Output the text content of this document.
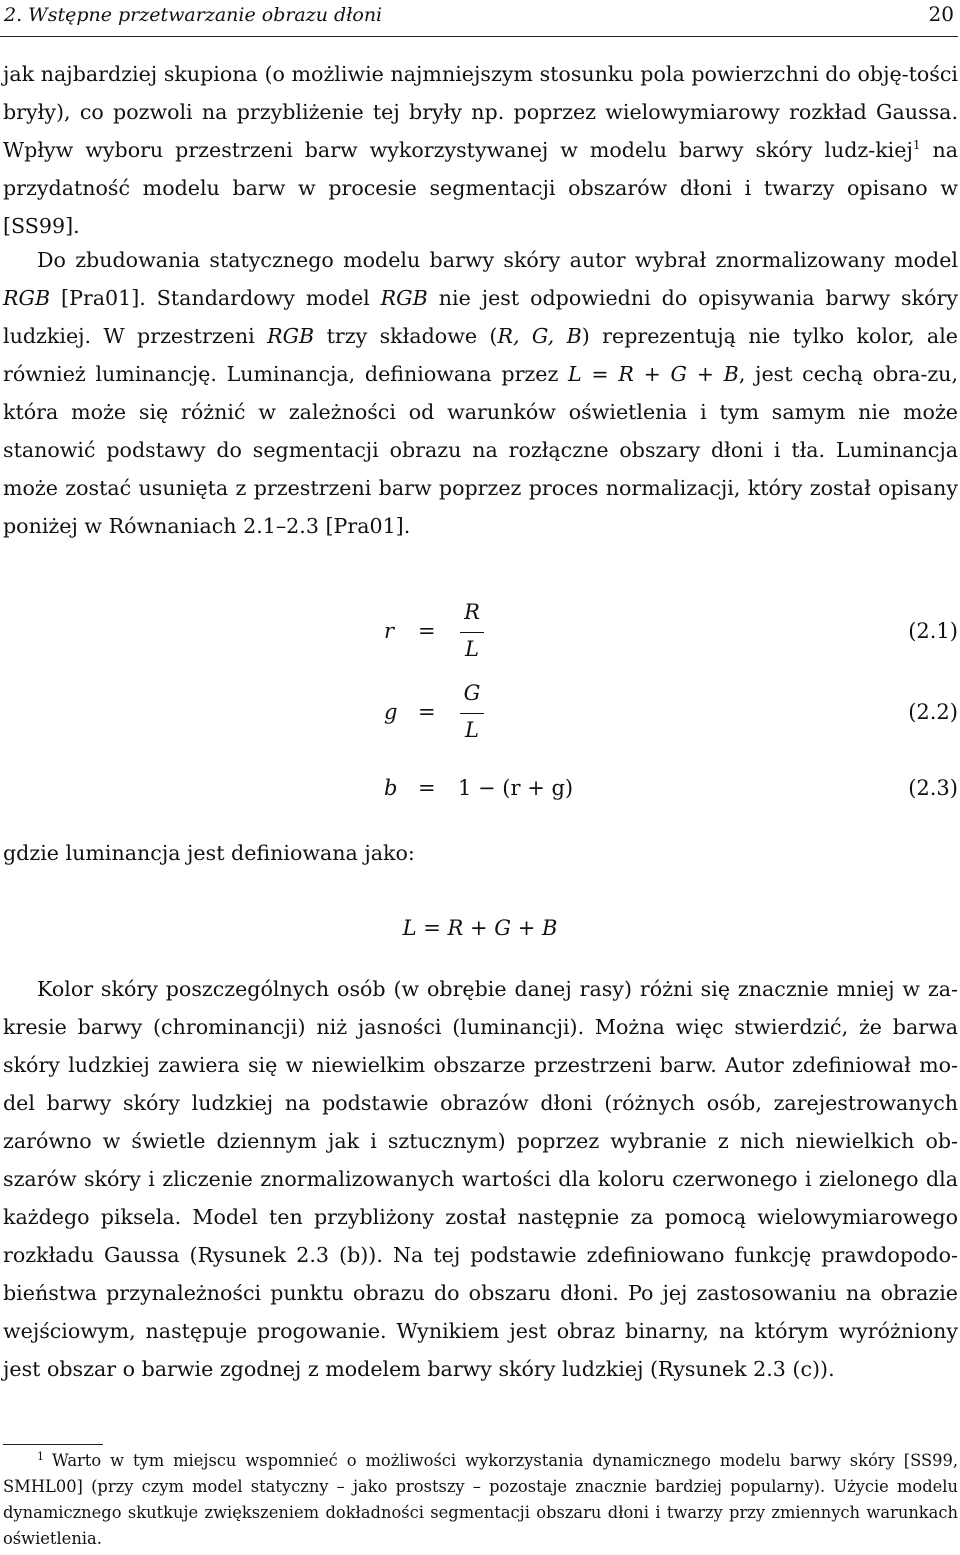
2. Wstępne przetwarzanie obrazu dłoni	20
jak najbardziej skupiona (o możliwie najmniejszym stosunku pola powierzchni do obję-tości bryły), co pozwoli na przybliżenie tej bryły np. poprzez wielowymiarowy rozkład Gaussa. Wpływ wyboru przestrzeni barw wykorzystywanej w modelu barwy skóry ludz-kiej$^1$ na przydatność modelu barw w procesie segmentacji obszarów dłoni i twarzy opisano w [SS99].
Do zbudowania statycznego modelu barwy skóry autor wybrał znormalizowany model RGB [Pra01]. Standardowy model RGB nie jest odpowiedni do opisywania barwy skóry ludzkiej. W przestrzeni RGB trzy składowe (R, G, B) reprezentują nie tylko kolor, ale również luminancję. Luminancja, definiowana przez L = R + G + B, jest cechą obra-zu, która może się różnić w zależności od warunków oświetlenia i tym samym nie może stanowić podstawy do segmentacji obrazu na rozłączne obszary dłoni i tła. Luminancja może zostać usunięta z przestrzeni barw poprzez proces normalizacji, który został opisany poniżej w Równaniach 2.1–2.3 [Pra01].
r =
R
L
(2.1)
g =
G
L
(2.2)
b = 1 − (r + g)	(2.3)
gdzie luminancja jest definiowana jako:
L = R + G + B
Kolor skóry poszczególnych osób (w obrębie danej rasy) różni się znacznie mniej w za-kresie barwy (chrominancji) niż jasności (luminancji). Można więc stwierdzić, że barwa skóry ludzkiej zawiera się w niewielkim obszarze przestrzeni barw. Autor zdefiniował mo-del barwy skóry ludzkiej na podstawie obrazów dłoni (różnych osób, zarejestrowanych zarówno w świetle dziennym jak i sztucznym) poprzez wybranie z nich niewielkich ob-szarów skóry i zliczenie znormalizowanych wartości dla koloru czerwonego i zielonego dla każdego piksela. Model ten przybliżony został następnie za pomocą wielowymiarowego rozkładu Gaussa (Rysunek 2.3 (b)). Na tej podstawie zdefiniowano funkcję prawdopodo-bieństwa przynależności punktu obrazu do obszaru dłoni. Po jej zastosowaniu na obrazie wejściowym, następuje progowanie. Wynikiem jest obraz binarny, na którym wyróżniony jest obszar o barwie zgodnej z modelem barwy skóry ludzkiej (Rysunek 2.3 (c)).
$^1$ Warto w tym miejscu wspomnieć o możliwości wykorzystania dynamicznego modelu barwy skóry [SS99, SMHL00] (przy czym model statyczny – jako prostszy – pozostaje znacznie bardziej popularny). Użycie modelu dynamicznego skutkuje zwiększeniem dokładności segmentacji obszaru dłoni i twarzy przy zmiennych warunkach oświetlenia.
